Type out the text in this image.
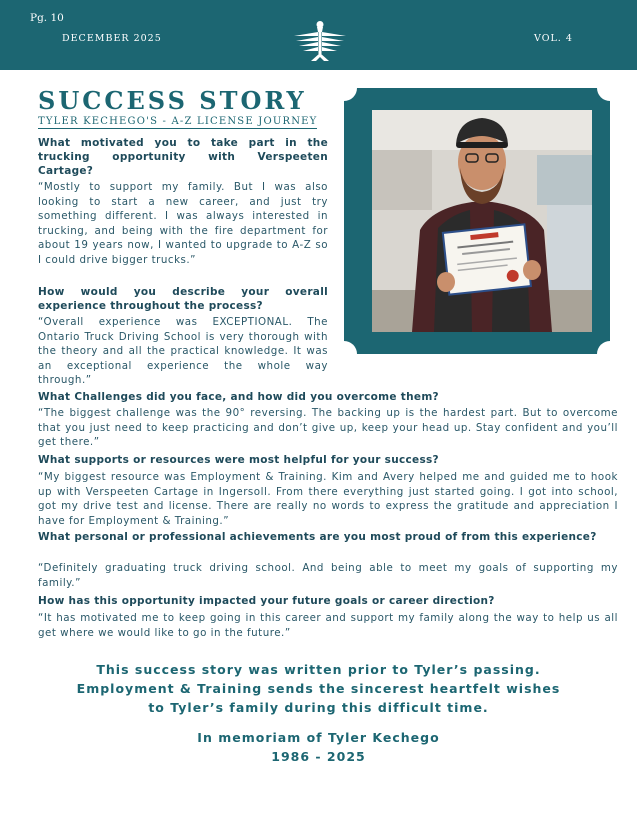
Pg. 10
DECEMBER 2025	VOL. 4
SUCCESS STORY
TYLER KECHEGO'S - A-Z LICENSE JOURNEY
What motivated you to take part in the trucking opportunity with Verspeeten Cartage?
“Mostly to support my family. But I was also looking to start a new career, and just try something different. I was always interested in trucking, and being with the fire department for about 19 years now, I wanted to upgrade to A-Z so I could drive bigger trucks.”
How would you describe your overall experience throughout the process?
“Overall experience was EXCEPTIONAL. The Ontario Truck Driving School is very thorough with the theory and all the practical knowledge. It was an exceptional experience the whole way through.”
What Challenges did you face, and how did you overcome them?
“The biggest challenge was the 90° reversing. The backing up is the hardest part. But to overcome that you just need to keep practicing and don’t give up, keep your head up. Stay confident and you’ll get there.”
What supports or resources were most helpful for your success?
“My biggest resource was Employment & Training. Kim and Avery helped me and guided me to hook up with Verspeeten Cartage in Ingersoll. From there everything just started going. I got into school, got my drive test and license. There are really no words to express the gratitude and appreciation I have for Employment & Training.”
What personal or professional achievements are you most proud of from this experience?
“Definitely graduating truck driving school. And being able to meet my goals of supporting my family.”
How has this opportunity impacted your future goals or career direction?
“It has motivated me to keep going in this career and support my family along the way to help us all get where we would like to go in the future.”
This success story was written prior to Tyler’s passing.
Employment & Training sends the sincerest heartfelt wishes
to Tyler’s family during this difficult time.
In memoriam of Tyler Kechego
1986 - 2025
